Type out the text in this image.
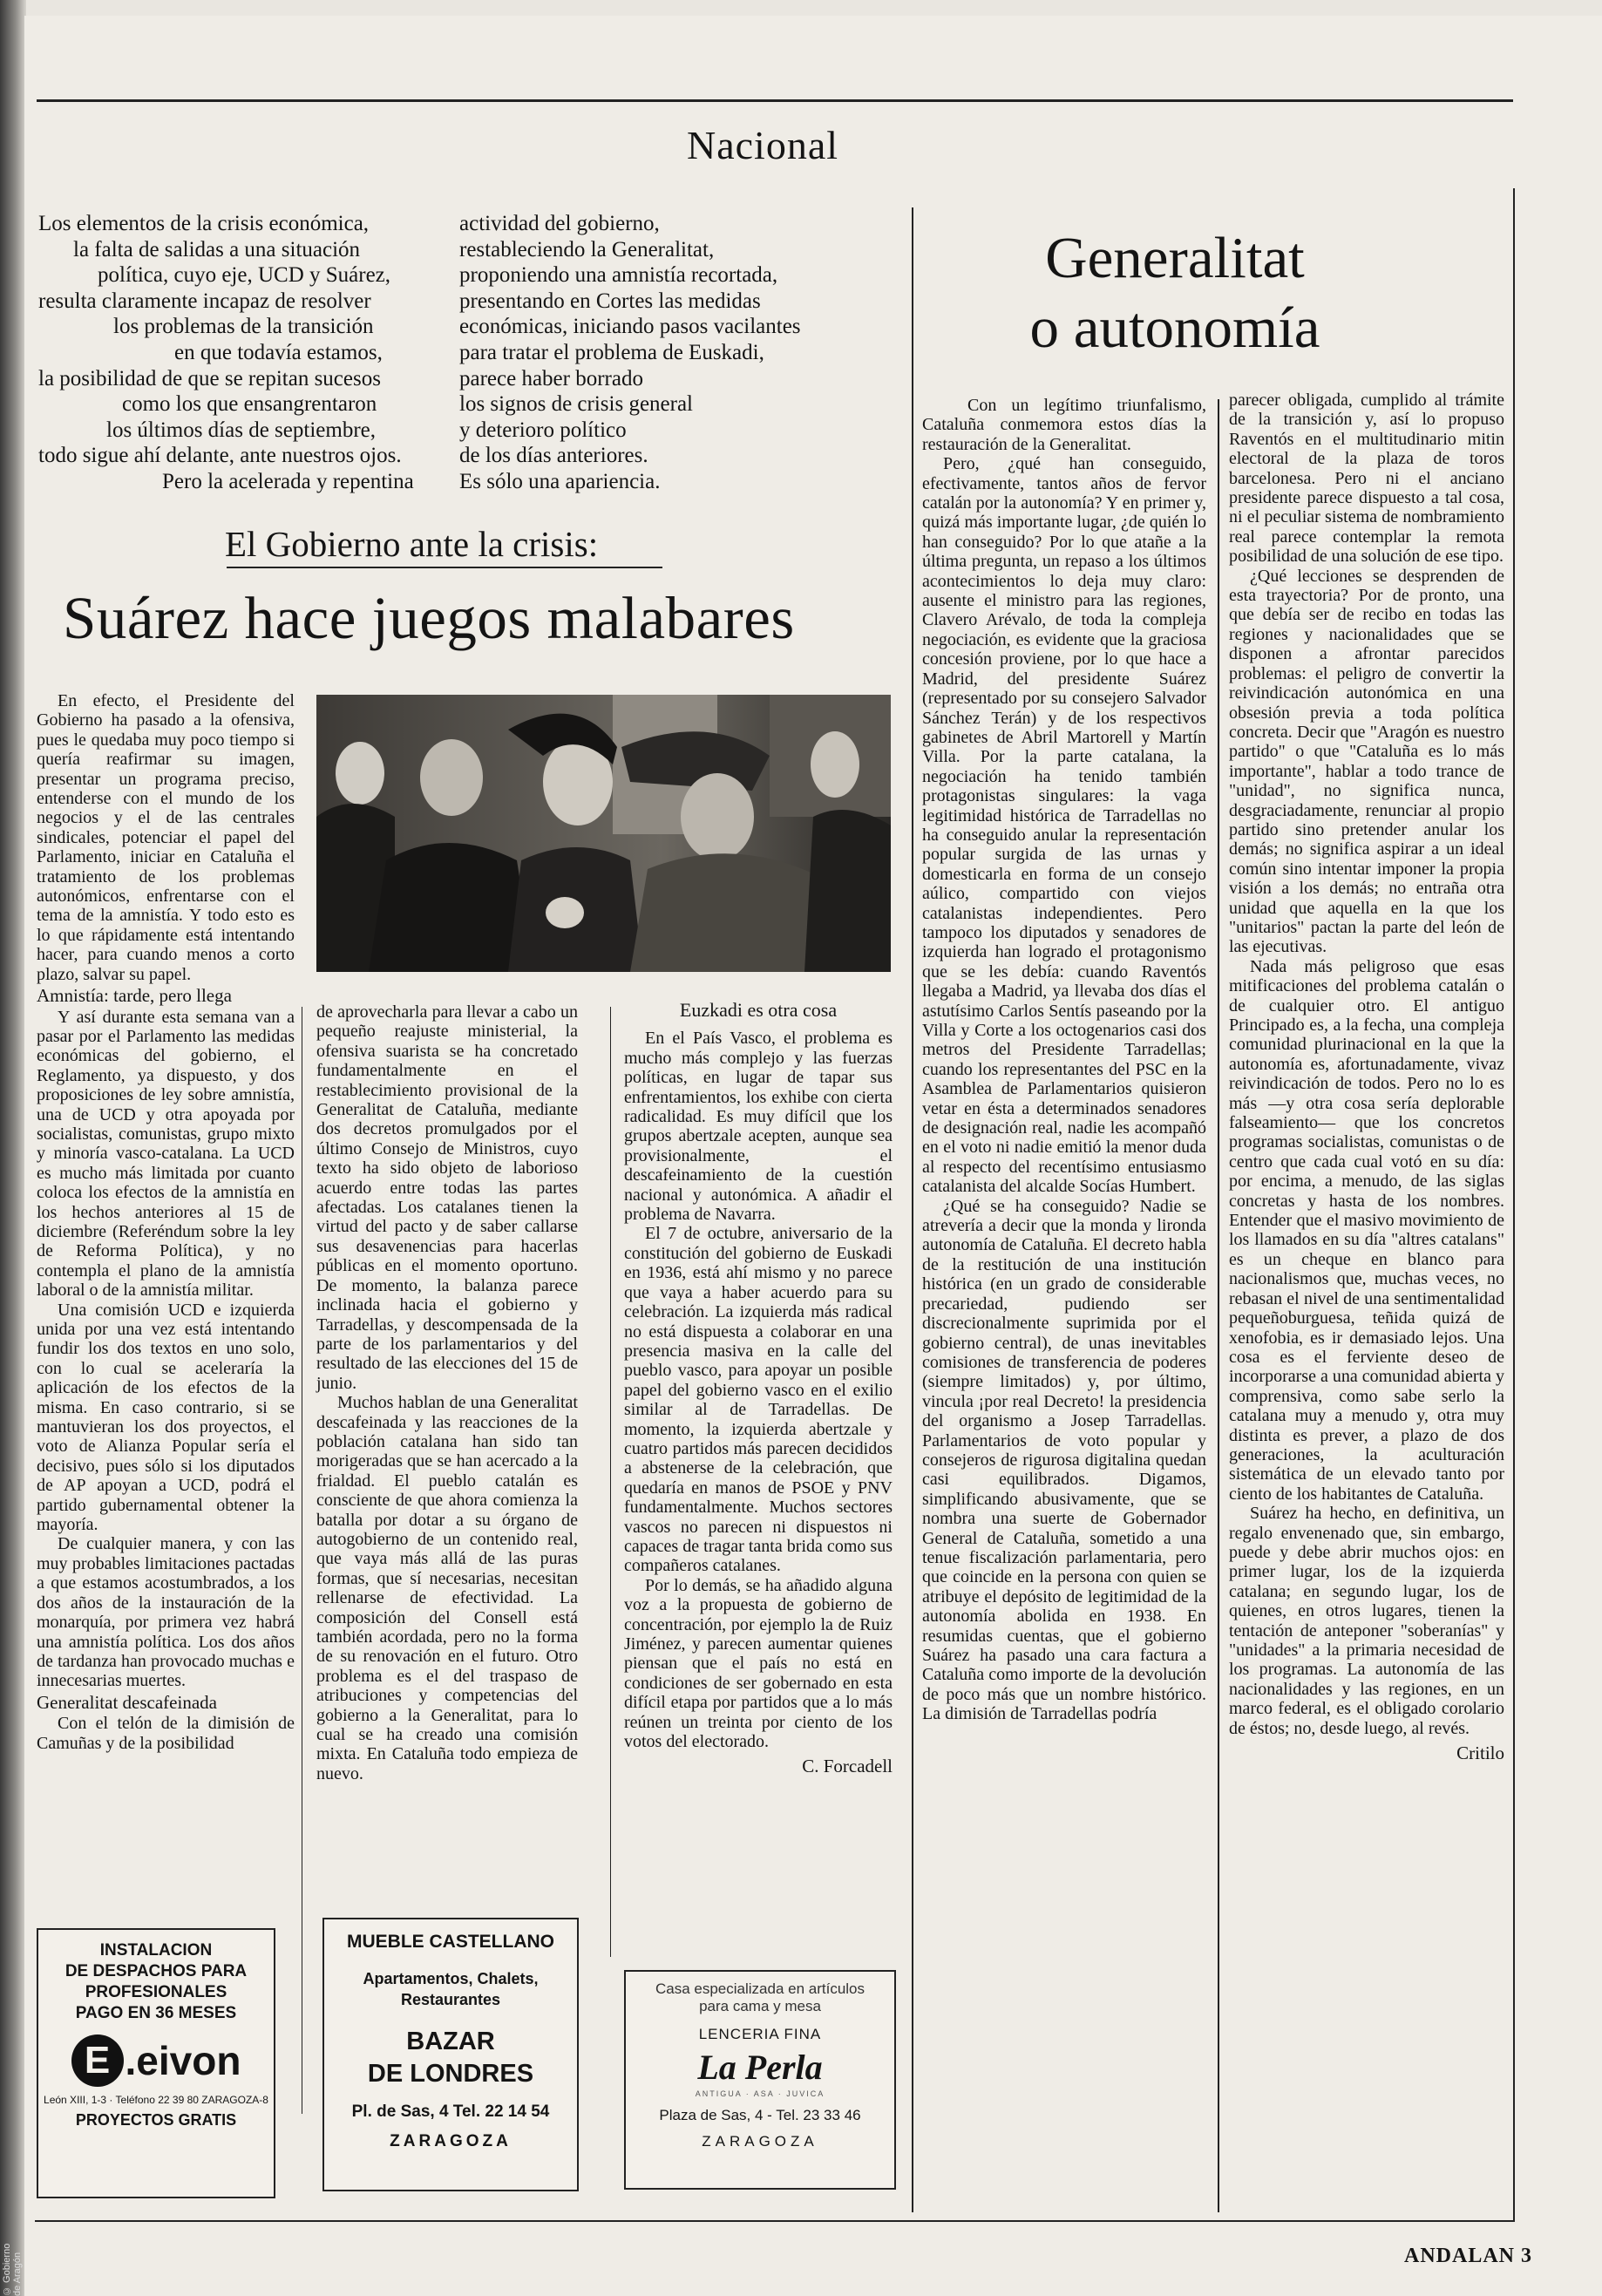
Nacional
Los elementos de la crisis económica,
la falta de salidas a una situación
política, cuyo eje, UCD y Suárez,
resulta claramente incapaz de resolver
los problemas de la transición
en que todavía estamos,
la posibilidad de que se repitan sucesos
como los que ensangrentaron
los últimos días de septiembre,
todo sigue ahí delante, ante nuestros ojos.
Pero la acelerada y repentina
actividad del gobierno,
restableciendo la Generalitat,
proponiendo una amnistía recortada,
presentando en Cortes las medidas
económicas, iniciando pasos vacilantes
para tratar el problema de Euskadi,
parece haber borrado
los signos de crisis general
y deterioro político
de los días anteriores.
Es sólo una apariencia.
El Gobierno ante la crisis:
Suárez hace juegos malabares

En efecto, el Presidente del Gobierno ha pasado a la ofensiva, pues le quedaba muy poco tiempo si quería reafirmar su imagen, presentar un programa preciso, entenderse con el mundo de los negocios y el de las centrales sindicales, potenciar el papel del Parlamento, iniciar en Cataluña el tratamiento de los problemas autonómicos, enfrentarse con el tema de la amnistía. Y todo esto es lo que rápidamente está intentando hacer, para cuando menos a corto plazo, salvar su papel.

Amnistía: tarde, pero llega

Y así durante esta semana van a pasar por el Parlamento las medidas económicas del gobierno, el Reglamento, ya dispuesto, y dos proposiciones de ley sobre amnistía, una de UCD y otra apoyada por socialistas, comunistas, grupo mixto y minoría vasco-catalana. La UCD es mucho más limitada por cuanto coloca los efectos de la amnistía en los hechos anteriores al 15 de diciembre (Referéndum sobre la ley de Reforma Política), y no contempla el plano de la amnistía laboral o de la amnistía militar.

Una comisión UCD e izquierda unida por una vez está intentando fundir los dos textos en uno solo, con lo cual se aceleraría la aplicación de los efectos de la misma. En caso contrario, si se mantuvieran los dos proyectos, el voto de Alianza Popular sería el decisivo, pues sólo si los diputados de AP apoyan a UCD, podrá el partido gubernamental obtener la mayoría.

De cualquier manera, y con las muy probables limitaciones pactadas a que estamos acostumbrados, a los dos años de la instauración de la monarquía, por primera vez habrá una amnistía política. Los dos años de tardanza han provocado muchas e innecesarias muertes.

Generalitat descafeinada

Con el telón de la dimisión de Camuñas y de la posibilidad

de aprovecharla para llevar a cabo un pequeño reajuste ministerial, la ofensiva suarista se ha concretado fundamentalmente en el restablecimiento provisional de la Generalitat de Cataluña, mediante dos decretos promulgados por el último Consejo de Ministros, cuyo texto ha sido objeto de laborioso acuerdo entre todas las partes afectadas. Los catalanes tienen la virtud del pacto y de saber callarse sus desavenencias para hacerlas públicas en el momento oportuno. De momento, la balanza parece inclinada hacia el gobierno y Tarradellas, y descompensada de la parte de los parlamentarios y del resultado de las elecciones del 15 de junio.

Muchos hablan de una Generalitat descafeinada y las reacciones de la población catalana han sido tan morigeradas que se han acercado a la frialdad. El pueblo catalán es consciente de que ahora comienza la batalla por dotar a su órgano de autogobierno de un contenido real, que vaya más allá de las puras formas, que sí necesarias, necesitan rellenarse de efectividad. La composición del Consell está también acordada, pero no la forma de su renovación en el futuro. Otro problema es el del traspaso de atribuciones y competencias del gobierno a la Generalitat, para lo cual se ha creado una comisión mixta. En Cataluña todo empieza de nuevo.

Euzkadi es otra cosa

En el País Vasco, el problema es mucho más complejo y las fuerzas políticas, en lugar de tapar sus enfrentamientos, los exhibe con cierta radicalidad. Es muy difícil que los grupos abertzale acepten, aunque sea provisionalmente, el descafeinamiento de la cuestión nacional y autonómica. A añadir el problema de Navarra.

El 7 de octubre, aniversario de la constitución del gobierno de Euskadi en 1936, está ahí mismo y no parece que vaya a haber acuerdo para su celebración. La izquierda más radical no está dispuesta a colaborar en una presencia masiva en la calle del pueblo vasco, para apoyar un posible papel del gobierno vasco en el exilio similar al de Tarradellas. De momento, la izquierda abertzale y cuatro partidos más parecen decididos a abstenerse de la celebración, que quedaría en manos de PSOE y PNV fundamentalmente. Muchos sectores vascos no parecen ni dispuestos ni capaces de tragar tanta brida como sus compañeros catalanes.

Por lo demás, se ha añadido alguna voz a la propuesta de gobierno de concentración, por ejemplo la de Ruiz Jiménez, y parecen aumentar quienes piensan que el país no está en condiciones de ser gobernado en esta difícil etapa por partidos que a lo más reúnen un treinta por ciento de los votos del electorado.

C. Forcadell

Generalitat
o autonomía

Con un legítimo triunfalismo, Cataluña conmemora estos días la restauración de la Generalitat.

Pero, ¿qué han conseguido, efectivamente, tantos años de fervor catalán por la autonomía? Y en primer y, quizá más importante lugar, ¿de quién lo han conseguido? Por lo que atañe a la última pregunta, un repaso a los últimos acontecimientos lo deja muy claro: ausente el ministro para las regiones, Clavero Arévalo, de toda la compleja negociación, es evidente que la graciosa concesión proviene, por lo que hace a Madrid, del presidente Suárez (representado por su consejero Salvador Sánchez Terán) y de los respectivos gabinetes de Abril Martorell y Martín Villa. Por la parte catalana, la negociación ha tenido también protagonistas singulares: la vaga legitimidad histórica de Tarradellas no ha conseguido anular la representación popular surgida de las urnas y domesticarla en forma de un consejo aúlico, compartido con viejos catalanistas independientes. Pero tampoco los diputados y senadores de izquierda han logrado el protagonismo que se les debía: cuando Raventós llegaba a Madrid, ya llevaba dos días el astutísimo Carlos Sentís paseando por la Villa y Corte a los octogenarios casi dos metros del Presidente Tarradellas; cuando los representantes del PSC en la Asamblea de Parlamentarios quisieron vetar en ésta a determinados senadores de designación real, nadie les acompañó en el voto ni nadie emitió la menor duda al respecto del recentísimo entusiasmo catalanista del alcalde Socías Humbert.

¿Qué se ha conseguido? Nadie se atrevería a decir que la monda y lironda autonomía de Cataluña. El decreto habla de la restitución de una institución histórica (en un grado de considerable precariedad, pudiendo ser discrecionalmente suprimida por el gobierno central), de unas inevitables comisiones de transferencia de poderes (siempre limitados) y, por último, vincula ¡por real Decreto! la presidencia del organismo a Josep Tarradellas. Parlamentarios de voto popular y consejeros de rigurosa digitalina quedan casi equilibrados. Digamos, simplificando abusivamente, que se nombra una suerte de Gobernador General de Cataluña, sometido a una tenue fiscalización parlamentaria, pero que coincide en la persona con quien se atribuye el depósito de legitimidad de la autonomía abolida en 1938. En resumidas cuentas, que el gobierno Suárez ha pasado una cara factura a Cataluña como importe de la devolución de poco más que un nombre histórico. La dimisión de Tarradellas podría

parecer obligada, cumplido al trámite de la transición y, así lo propuso Raventós en el multitudinario mitin electoral de la plaza de toros barcelonesa. Pero ni el anciano presidente parece dispuesto a tal cosa, ni el peculiar sistema de nombramiento real parece contemplar la remota posibilidad de una solución de ese tipo.

¿Qué lecciones se desprenden de esta trayectoria? Por de pronto, una que debía ser de recibo en todas las regiones y nacionalidades que se disponen a afrontar parecidos problemas: el peligro de convertir la reivindicación autonómica en una obsesión previa a toda política concreta. Decir que "Aragón es nuestro partido" o que "Cataluña es lo más importante", hablar a todo trance de "unidad", no significa nunca, desgraciadamente, renunciar al propio partido sino pretender anular los demás; no significa aspirar a un ideal común sino intentar imponer la propia visión a los demás; no entraña otra unidad que aquella en la que los "unitarios" pactan la parte del león de las ejecutivas.

Nada más peligroso que esas mitificaciones del problema catalán o de cualquier otro. El antiguo Principado es, a la fecha, una compleja comunidad plurinacional en la que la autonomía es, afortunadamente, vivaz reivindicación de todos. Pero no lo es más —y otra cosa sería deplorable falseamiento— que los concretos programas socialistas, comunistas o de centro que cada cual votó en su día: por encima, a menudo, de las siglas concretas y hasta de los nombres. Entender que el masivo movimiento de los llamados en su día "altres catalans" es un cheque en blanco para nacionalismos que, muchas veces, no rebasan el nivel de una sentimentalidad pequeñoburguesa, teñida quizá de xenofobia, es ir demasiado lejos. Una cosa es el ferviente deseo de incorporarse a una comunidad abierta y comprensiva, como sabe serlo la catalana muy a menudo y, otra muy distinta es prever, a plazo de dos generaciones, la aculturación sistemática de un elevado tanto por ciento de los habitantes de Cataluña.

Suárez ha hecho, en definitiva, un regalo envenenado que, sin embargo, puede y debe abrir muchos ojos: en primer lugar, los de la izquierda catalana; en segundo lugar, los de quienes, en otros lugares, tienen la tentación de anteponer "soberanías" y "unidades" a la primaria necesidad de los programas. La autonomía de las nacionalidades y las regiones, en un marco federal, es el obligado corolario de éstos; no, desde luego, al revés.

Critilo

INSTALACION
DE DESPACHOS PARA
PROFESIONALES
PAGO EN 36 MESES
E .eivon
León XIII, 1-3 · Teléfono 22 39 80 ZARAGOZA-8
PROYECTOS GRATIS
MUEBLE CASTELLANO
Apartamentos, Chalets,
Restaurantes
BAZAR
DE LONDRES
Pl. de Sas, 4 Tel. 22 14 54
ZARAGOZA
Casa especializada en artículos
para cama y mesa
LENCERIA FINA
La Perla
ANTIGUA · ASA · JUVICA
Plaza de Sas, 4 - Tel. 23 33 46
ZARAGOZA
ANDALAN 3
© Gobierno de Aragón
